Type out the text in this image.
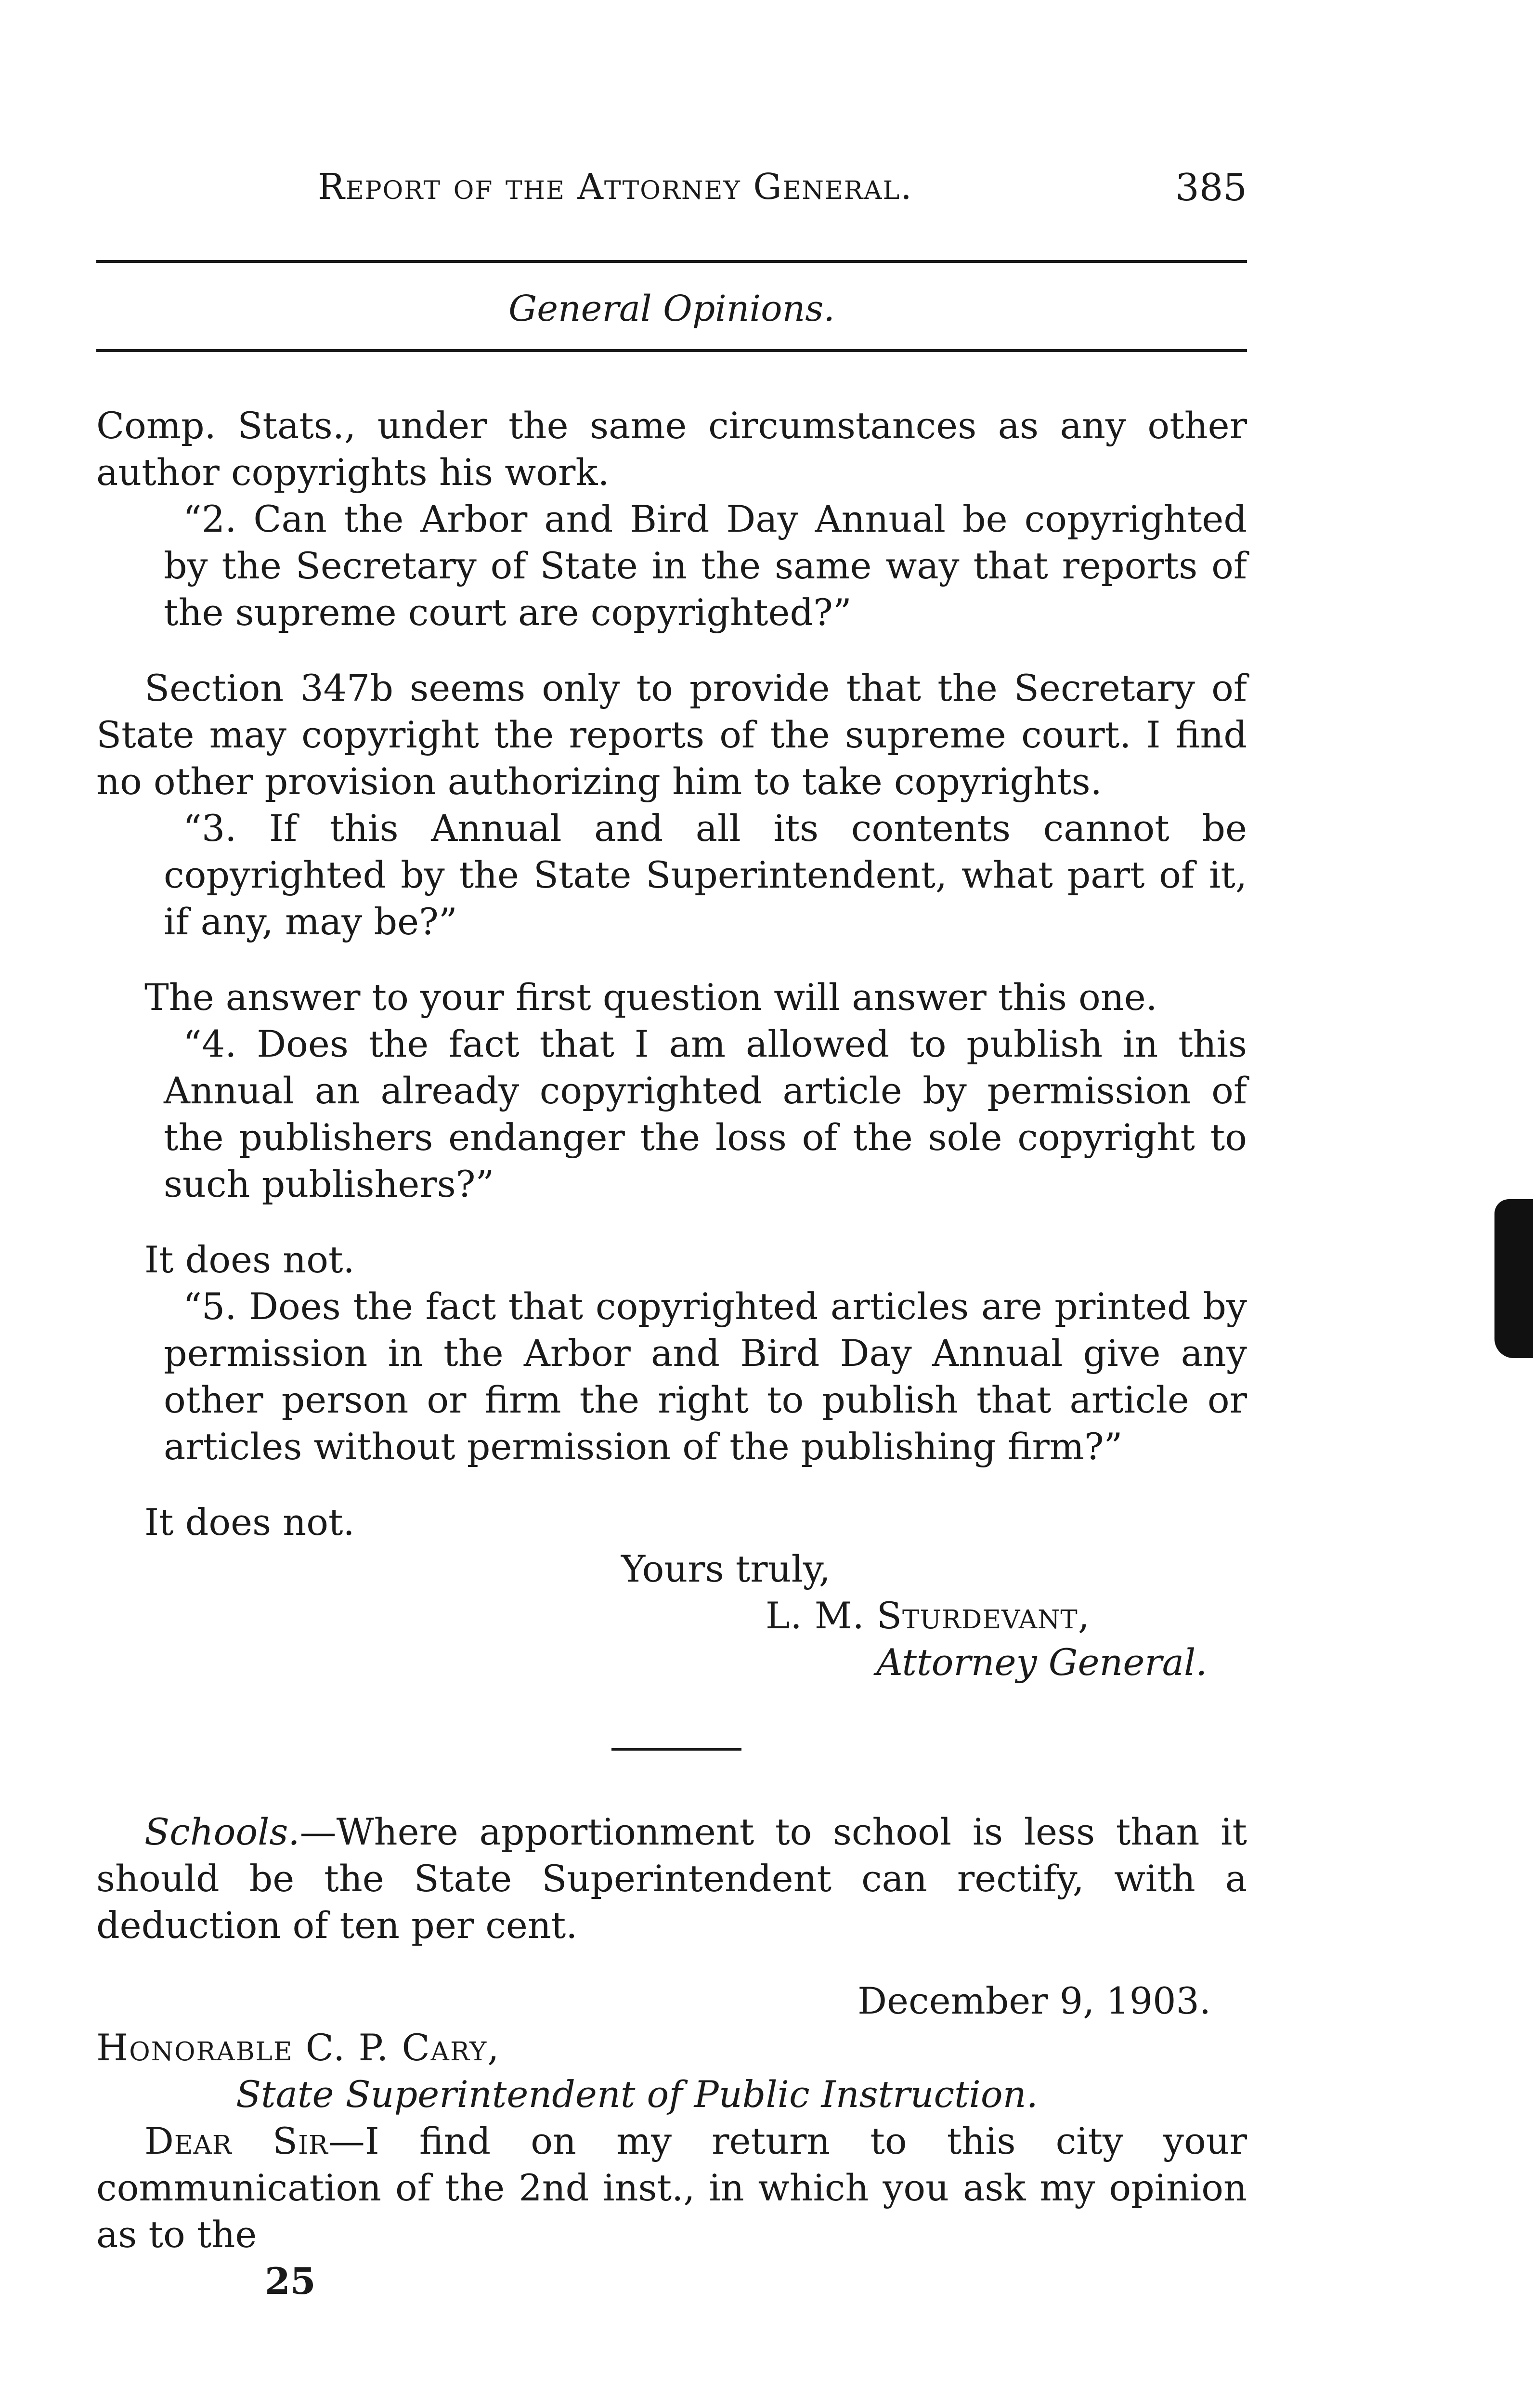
Report of the Attorney General.	385
General Opinions.

Comp. Stats., under the same circumstances as any other author copyrights his work.

“2. Can the Arbor and Bird Day Annual be copyrighted by the Secretary of State in the same way that reports of the supreme court are copyrighted?”

Section 347b seems only to provide that the Secretary of State may copyright the reports of the supreme court. I find no other provision authorizing him to take copyrights.

“3. If this Annual and all its contents cannot be copyrighted by the State Superintendent, what part of it, if any, may be?”

The answer to your first question will answer this one.

“4. Does the fact that I am allowed to publish in this Annual an already copyrighted article by permission of the publishers endanger the loss of the sole copyright to such publishers?”

It does not.

“5. Does the fact that copyrighted articles are printed by permission in the Arbor and Bird Day Annual give any other person or firm the right to publish that article or articles without permission of the publishing firm?”

It does not.

Yours truly,

L. M. Sturdevant,

Attorney General.

Schools.—Where apportionment to school is less than it should be the State Superintendent can rectify, with a deduction of ten per cent.

December 9, 1903.

Honorable C. P. Cary,

State Superintendent of Public Instruction.

Dear Sir—I find on my return to this city your communication of the 2nd inst., in which you ask my opinion as to the

25
